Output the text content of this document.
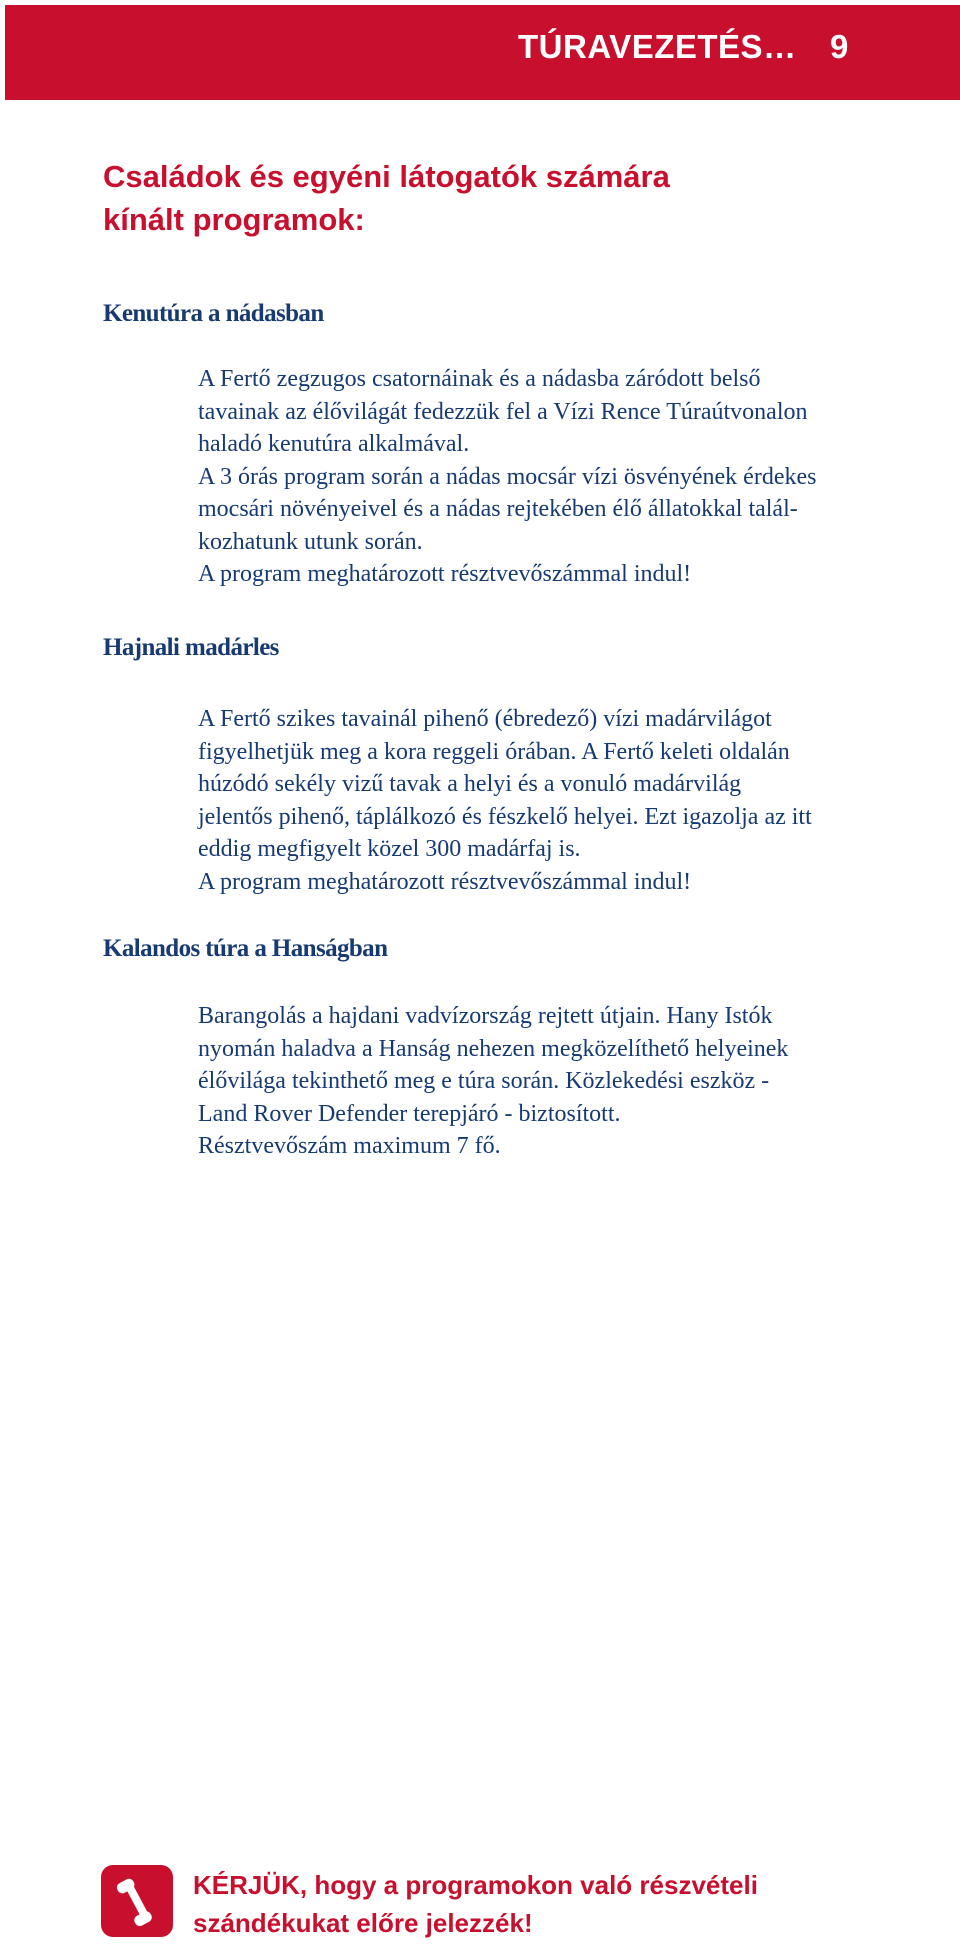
TÚRAVEZETÉS… 9
Családok és egyéni látogatók számára
kínált programok:
Kenutúra a nádasban
A Fertő zegzugos csatornáinak és a nádasba záródott belső
tavainak az élővilágát fedezzük fel a Vízi Rence Túraútvonalon
haladó kenutúra alkalmával.
A 3 órás program során a nádas mocsár vízi ösvényének érdekes
mocsári növényeivel és a nádas rejtekében élő állatokkal talál-
kozhatunk utunk során.
A program meghatározott résztvevőszámmal indul!
Hajnali madárles
A Fertő szikes tavainál pihenő (ébredező) vízi madárvilágot
figyelhetjük meg a kora reggeli órában. A Fertő keleti oldalán
húzódó sekély vizű tavak a helyi és a vonuló madárvilág
jelentős pihenő, táplálkozó és fészkelő helyei. Ezt igazolja az itt
eddig megfigyelt közel 300 madárfaj is.
A program meghatározott résztvevőszámmal indul!
Kalandos túra a Hanságban
Barangolás a hajdani vadvízország rejtett útjain. Hany Istók
nyomán haladva a Hanság nehezen megközelíthető helyeinek
élővilága tekinthető meg e túra során. Közlekedési eszköz -
Land Rover Defender terepjáró - biztosított.
Résztvevőszám maximum 7 fő.
KÉRJÜK, hogy a programokon való részvételi
szándékukat előre jelezzék!
